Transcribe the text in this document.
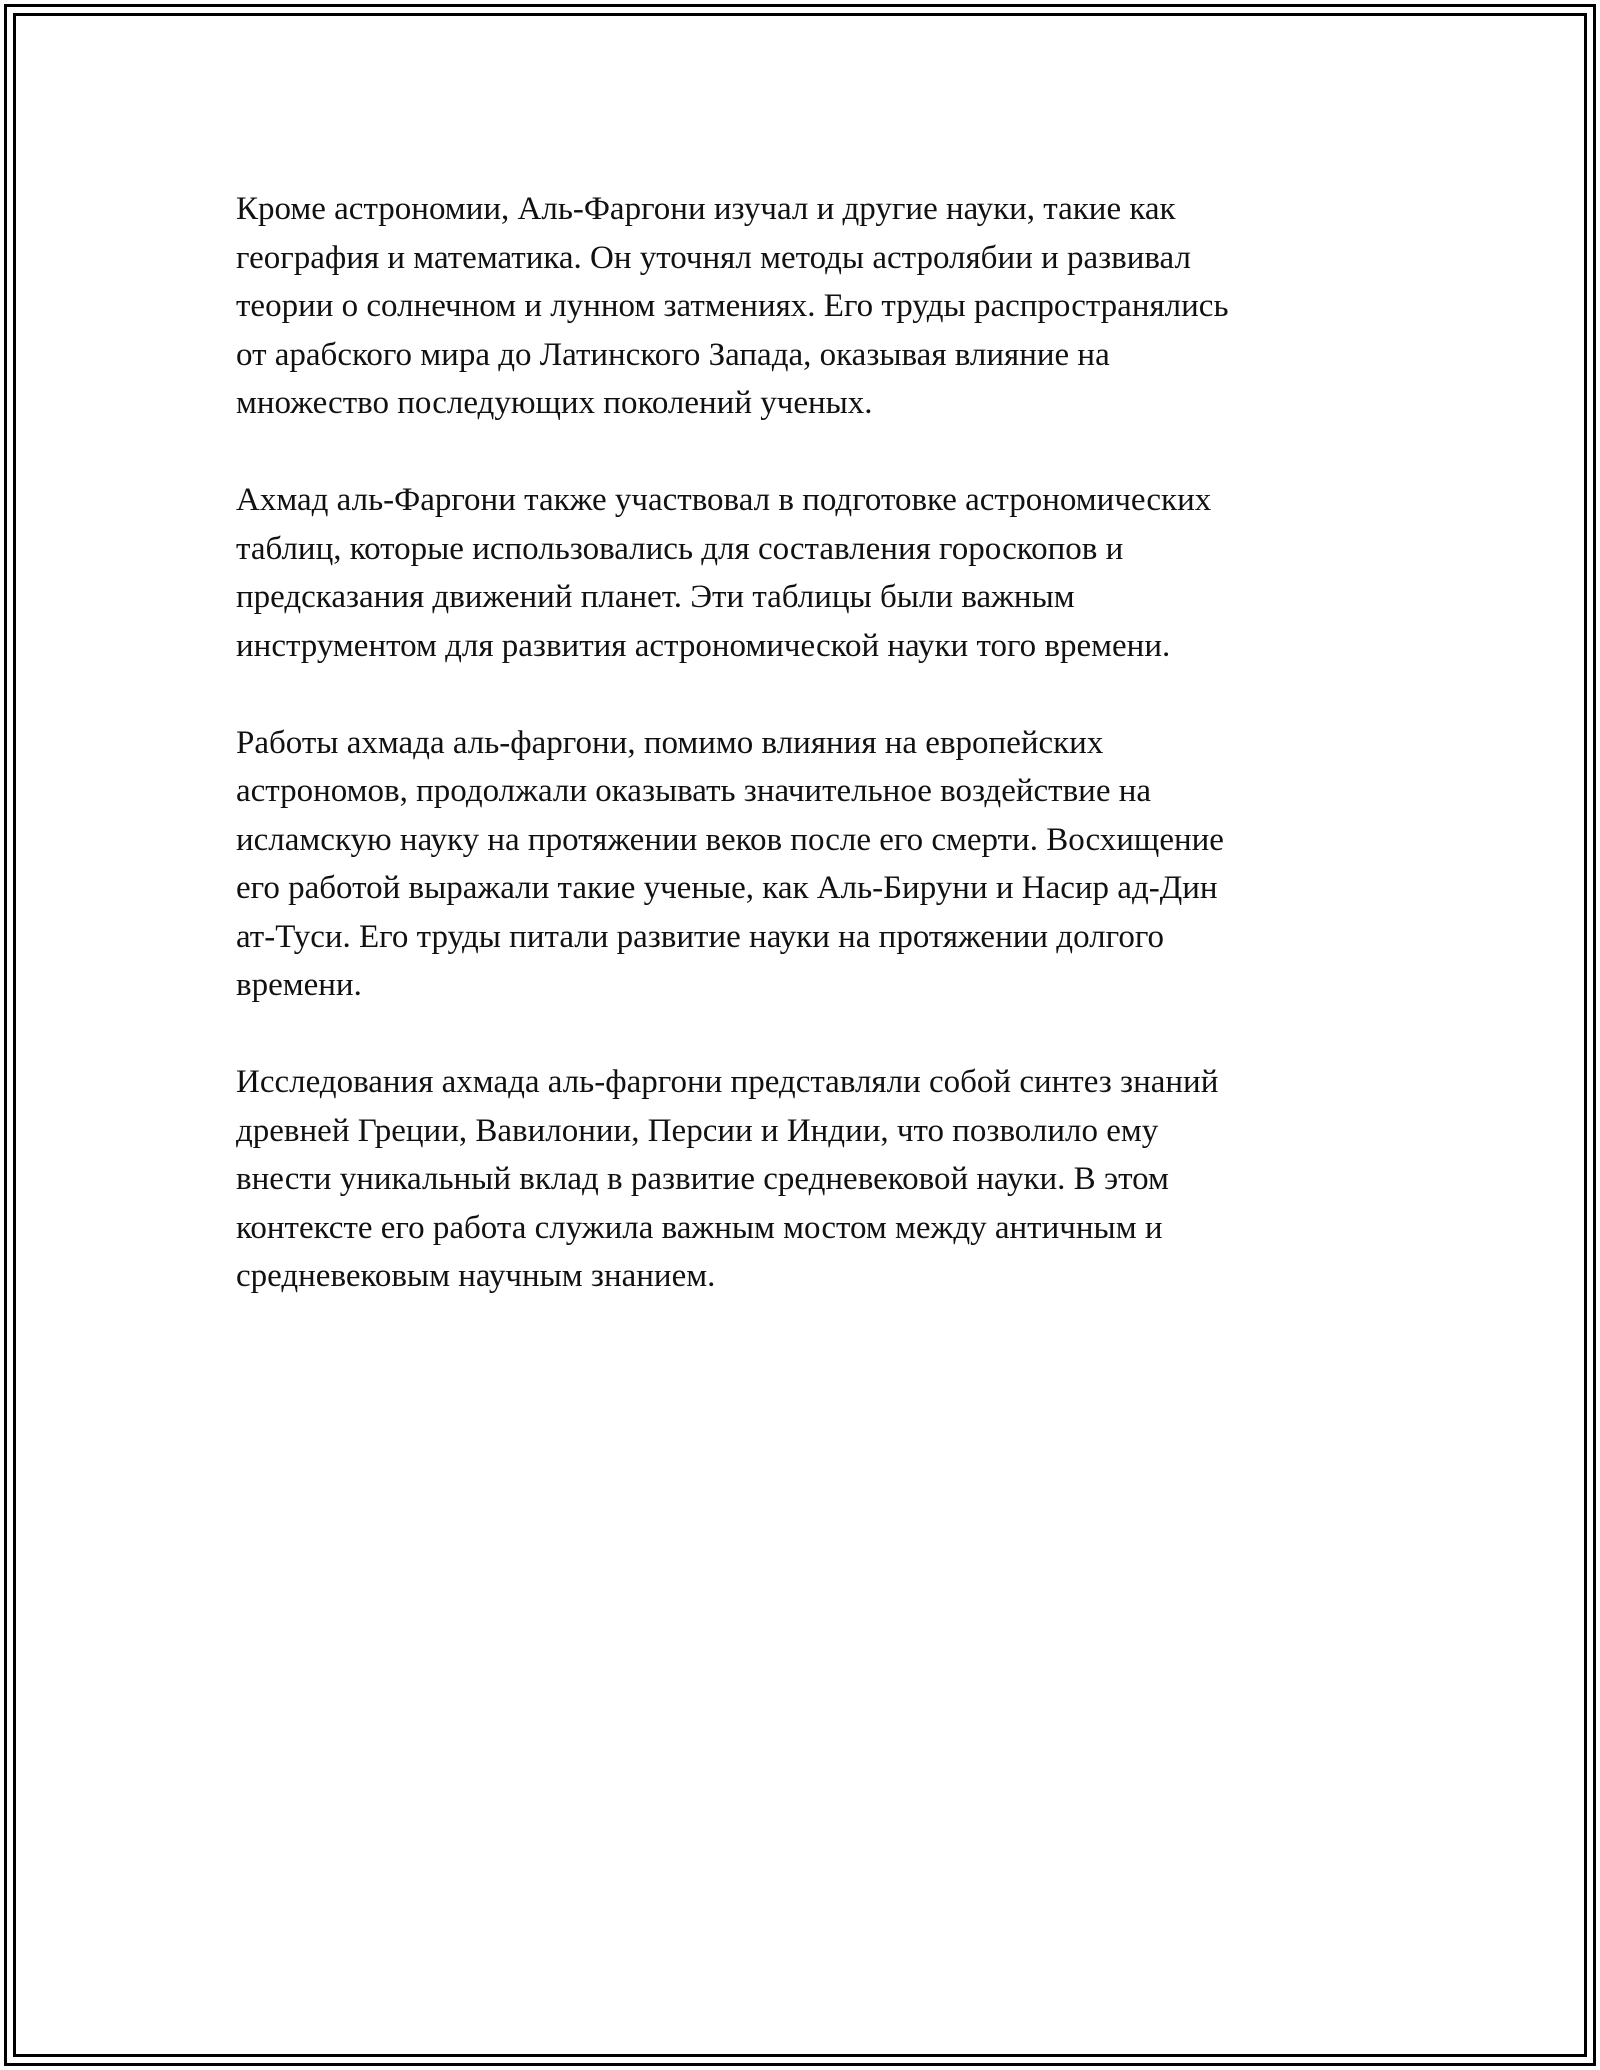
Кроме астрономии, Аль-Фаргони изучал и другие науки, такие как
география и математика. Он уточнял методы астролябии и развивал
теории о солнечном и лунном затмениях. Его труды распространялись
от арабского мира до Латинского Запада, оказывая влияние на
множество последующих поколений ученых.

Ахмад аль-Фаргони также участвовал в подготовке астрономических
таблиц, которые использовались для составления гороскопов и
предсказания движений планет. Эти таблицы были важным
инструментом для развития астрономической науки того времени.

Работы ахмада аль-фаргони, помимо влияния на европейских
астрономов, продолжали оказывать значительное воздействие на
исламскую науку на протяжении веков после его смерти. Восхищение
его работой выражали такие ученые, как Аль-Бируни и Насир ад-Дин
ат-Туси. Его труды питали развитие науки на протяжении долгого
времени.

Исследования ахмада аль-фаргони представляли собой синтез знаний
древней Греции, Вавилонии, Персии и Индии, что позволило ему
внести уникальный вклад в развитие средневековой науки. В этом
контексте его работа служила важным мостом между античным и
средневековым научным знанием.
